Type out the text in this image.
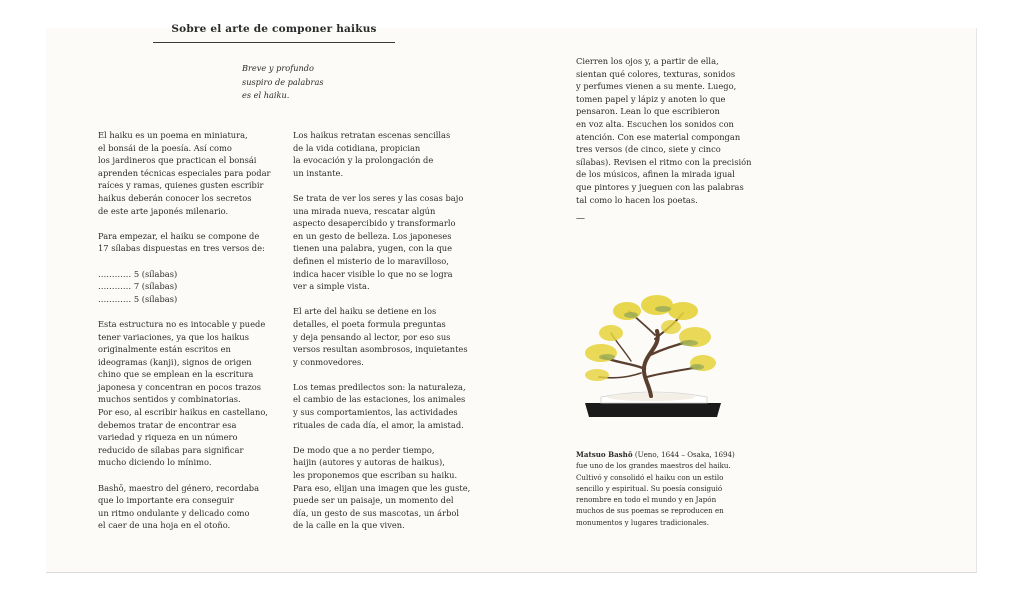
Sobre el arte de componer haikus
Breve y profundo
suspiro de palabras
es el haiku.

El haiku es un poema en miniatura,
el bonsái de la poesía. Así como
los jardineros que practican el bonsái
aprenden técnicas especiales para podar
raíces y ramas, quienes gusten escribir
haikus deberán conocer los secretos
de este arte japonés milenario.

Para empezar, el haiku se compone de
17 sílabas dispuestas en tres versos de:

………… 5 (sílabas)
………… 7 (sílabas)
………… 5 (sílabas)

Esta estructura no es intocable y puede
tener variaciones, ya que los haikus
originalmente están escritos en
ideogramas (kanji), signos de origen
chino que se emplean en la escritura
japonesa y concentran en pocos trazos
muchos sentidos y combinatorias.
Por eso, al escribir haikus en castellano,
debemos tratar de encontrar esa
variedad y riqueza en un número
reducido de sílabas para significar
mucho diciendo lo mínimo.

Bashō, maestro del género, recordaba
que lo importante era conseguir
un ritmo ondulante y delicado como
el caer de una hoja en el otoño.

Los haikus retratan escenas sencillas
de la vida cotidiana, propician
la evocación y la prolongación de
un instante.

Se trata de ver los seres y las cosas bajo
una mirada nueva, rescatar algún
aspecto desapercibido y transformarlo
en un gesto de belleza. Los japoneses
tienen una palabra, yugen, con la que
definen el misterio de lo maravilloso,
indica hacer visible lo que no se logra
ver a simple vista.

El arte del haiku se detiene en los
detalles, el poeta formula preguntas
y deja pensando al lector, por eso sus
versos resultan asombrosos, inquietantes
y conmovedores.

Los temas predilectos son: la naturaleza,
el cambio de las estaciones, los animales
y sus comportamientos, las actividades
rituales de cada día, el amor, la amistad.

De modo que a no perder tiempo,
haijin (autores y autoras de haikus),
les proponemos que escriban su haiku.
Para eso, elijan una imagen que les guste,
puede ser un paisaje, un momento del
día, un gesto de sus mascotas, un árbol
de la calle en la que viven.

Cierren los ojos y, a partir de ella,
sientan qué colores, texturas, sonidos
y perfumes vienen a su mente. Luego,
tomen papel y lápiz y anoten lo que
pensaron. Lean lo que escribieron
en voz alta. Escuchen los sonidos con
atención. Con ese material compongan
tres versos (de cinco, siete y cinco
sílabas). Revisen el ritmo con la precisión
de los músicos, afinen la mirada igual
que pintores y jueguen con las palabras
tal como lo hacen los poetas.

—
Matsuo Bashō (Ueno, 1644 – Osaka, 1694)
fue uno de los grandes maestros del haiku.
Cultivó y consolidó el haiku con un estilo
sencillo y espiritual. Su poesía consiguió
renombre en todo el mundo y en Japón
muchos de sus poemas se reproducen en
monumentos y lugares tradicionales.
